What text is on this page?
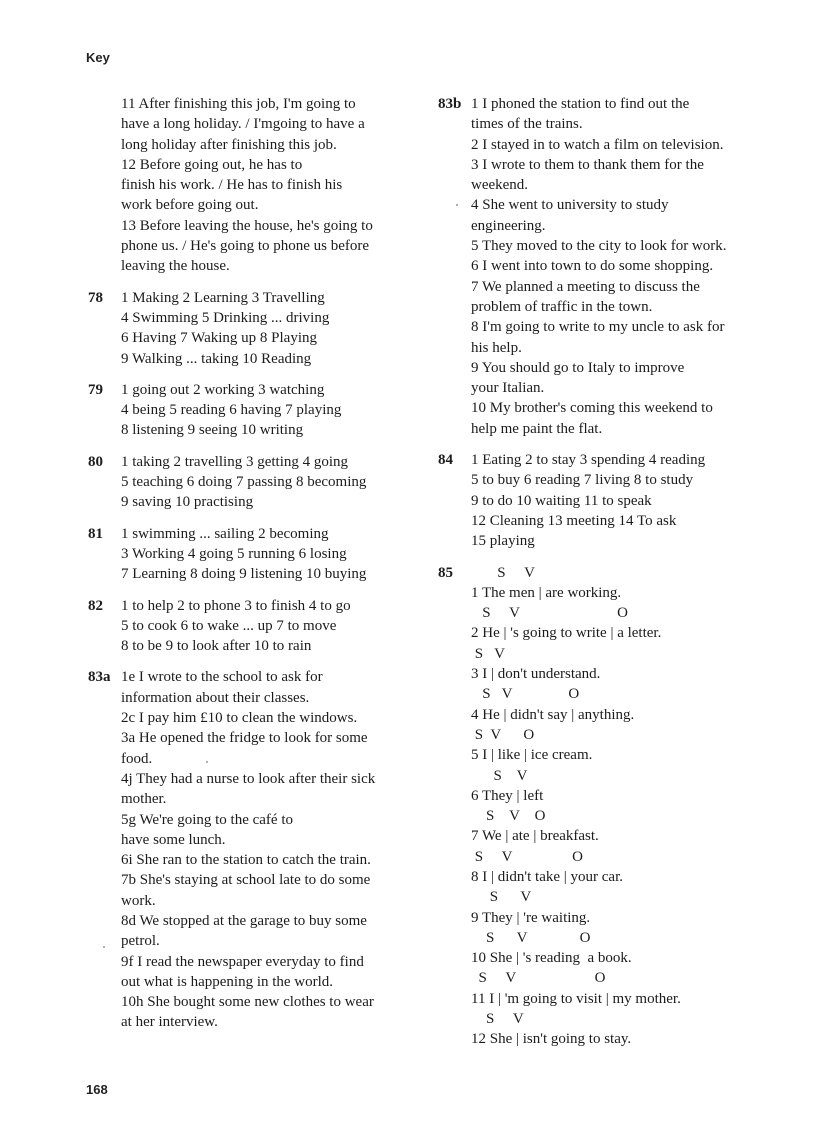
Key
11 After finishing this job, I'm going to
have a long holiday. / I'mgoing to have a
long holiday after finishing this job.
12 Before going out, he has to
finish his work. / He has to finish his
work before going out.
13 Before leaving the house, he's going to
phone us. / He's going to phone us before
leaving the house.
78 1 Making 2 Learning 3 Travelling
4 Swimming 5 Drinking ... driving
6 Having 7 Waking up 8 Playing
9 Walking ... taking 10 Reading
79 1 going out 2 working 3 watching
4 being 5 reading 6 having 7 playing
8 listening 9 seeing 10 writing
80 1 taking 2 travelling 3 getting 4 going
5 teaching 6 doing 7 passing 8 becoming
9 saving 10 practising
81 1 swimming ... sailing 2 becoming
3 Working 4 going 5 running 6 losing
7 Learning 8 doing 9 listening 10 buying
82 1 to help 2 to phone 3 to finish 4 to go
5 to cook 6 to wake ... up 7 to move
8 to be 9 to look after 10 to rain
83a 1e I wrote to the school to ask for
information about their classes.
2c I pay him £10 to clean the windows.
3a He opened the fridge to look for some
food.
4j They had a nurse to look after their sick
mother.
5g We're going to the café to
have some lunch.
6i She ran to the station to catch the train.
7b She's staying at school late to do some
work.
8d We stopped at the garage to buy some
petrol.
9f I read the newspaper everyday to find
out what is happening in the world.
10h She bought some new clothes to wear
at her interview.
83b 1 I phoned the station to find out the
times of the trains.
2 I stayed in to watch a film on television.
3 I wrote to them to thank them for the
weekend.
4 She went to university to study
engineering.
5 They moved to the city to look for work.
6 I went into town to do some shopping.
7 We planned a meeting to discuss the
problem of traffic in the town.
8 I'm going to write to my uncle to ask for
his help.
9 You should go to Italy to improve
your Italian.
10 My brother's coming this weekend to
help me paint the flat.
84 1 Eating 2 to stay 3 spending 4 reading
5 to buy 6 reading 7 living 8 to study
9 to do 10 waiting 11 to speak
12 Cleaning 13 meeting 14 To ask
15 playing
85 S     V
1 The men | are working.
S     V                          O
2 He | 's going to write | a letter.
S   V
3 I | don't understand.
S   V               O
4 He | didn't say | anything.
S  V      O
5 I | like | ice cream.
S    V
6 They | left
S    V    O
7 We | ate | breakfast.
S     V                O
8 I | didn't take | your car.
S      V
9 They | 're waiting.
S      V              O
10 She | 's reading  a book.
S     V                     O
11 I | 'm going to visit | my mother.
S     V
12 She | isn't going to stay.
168
